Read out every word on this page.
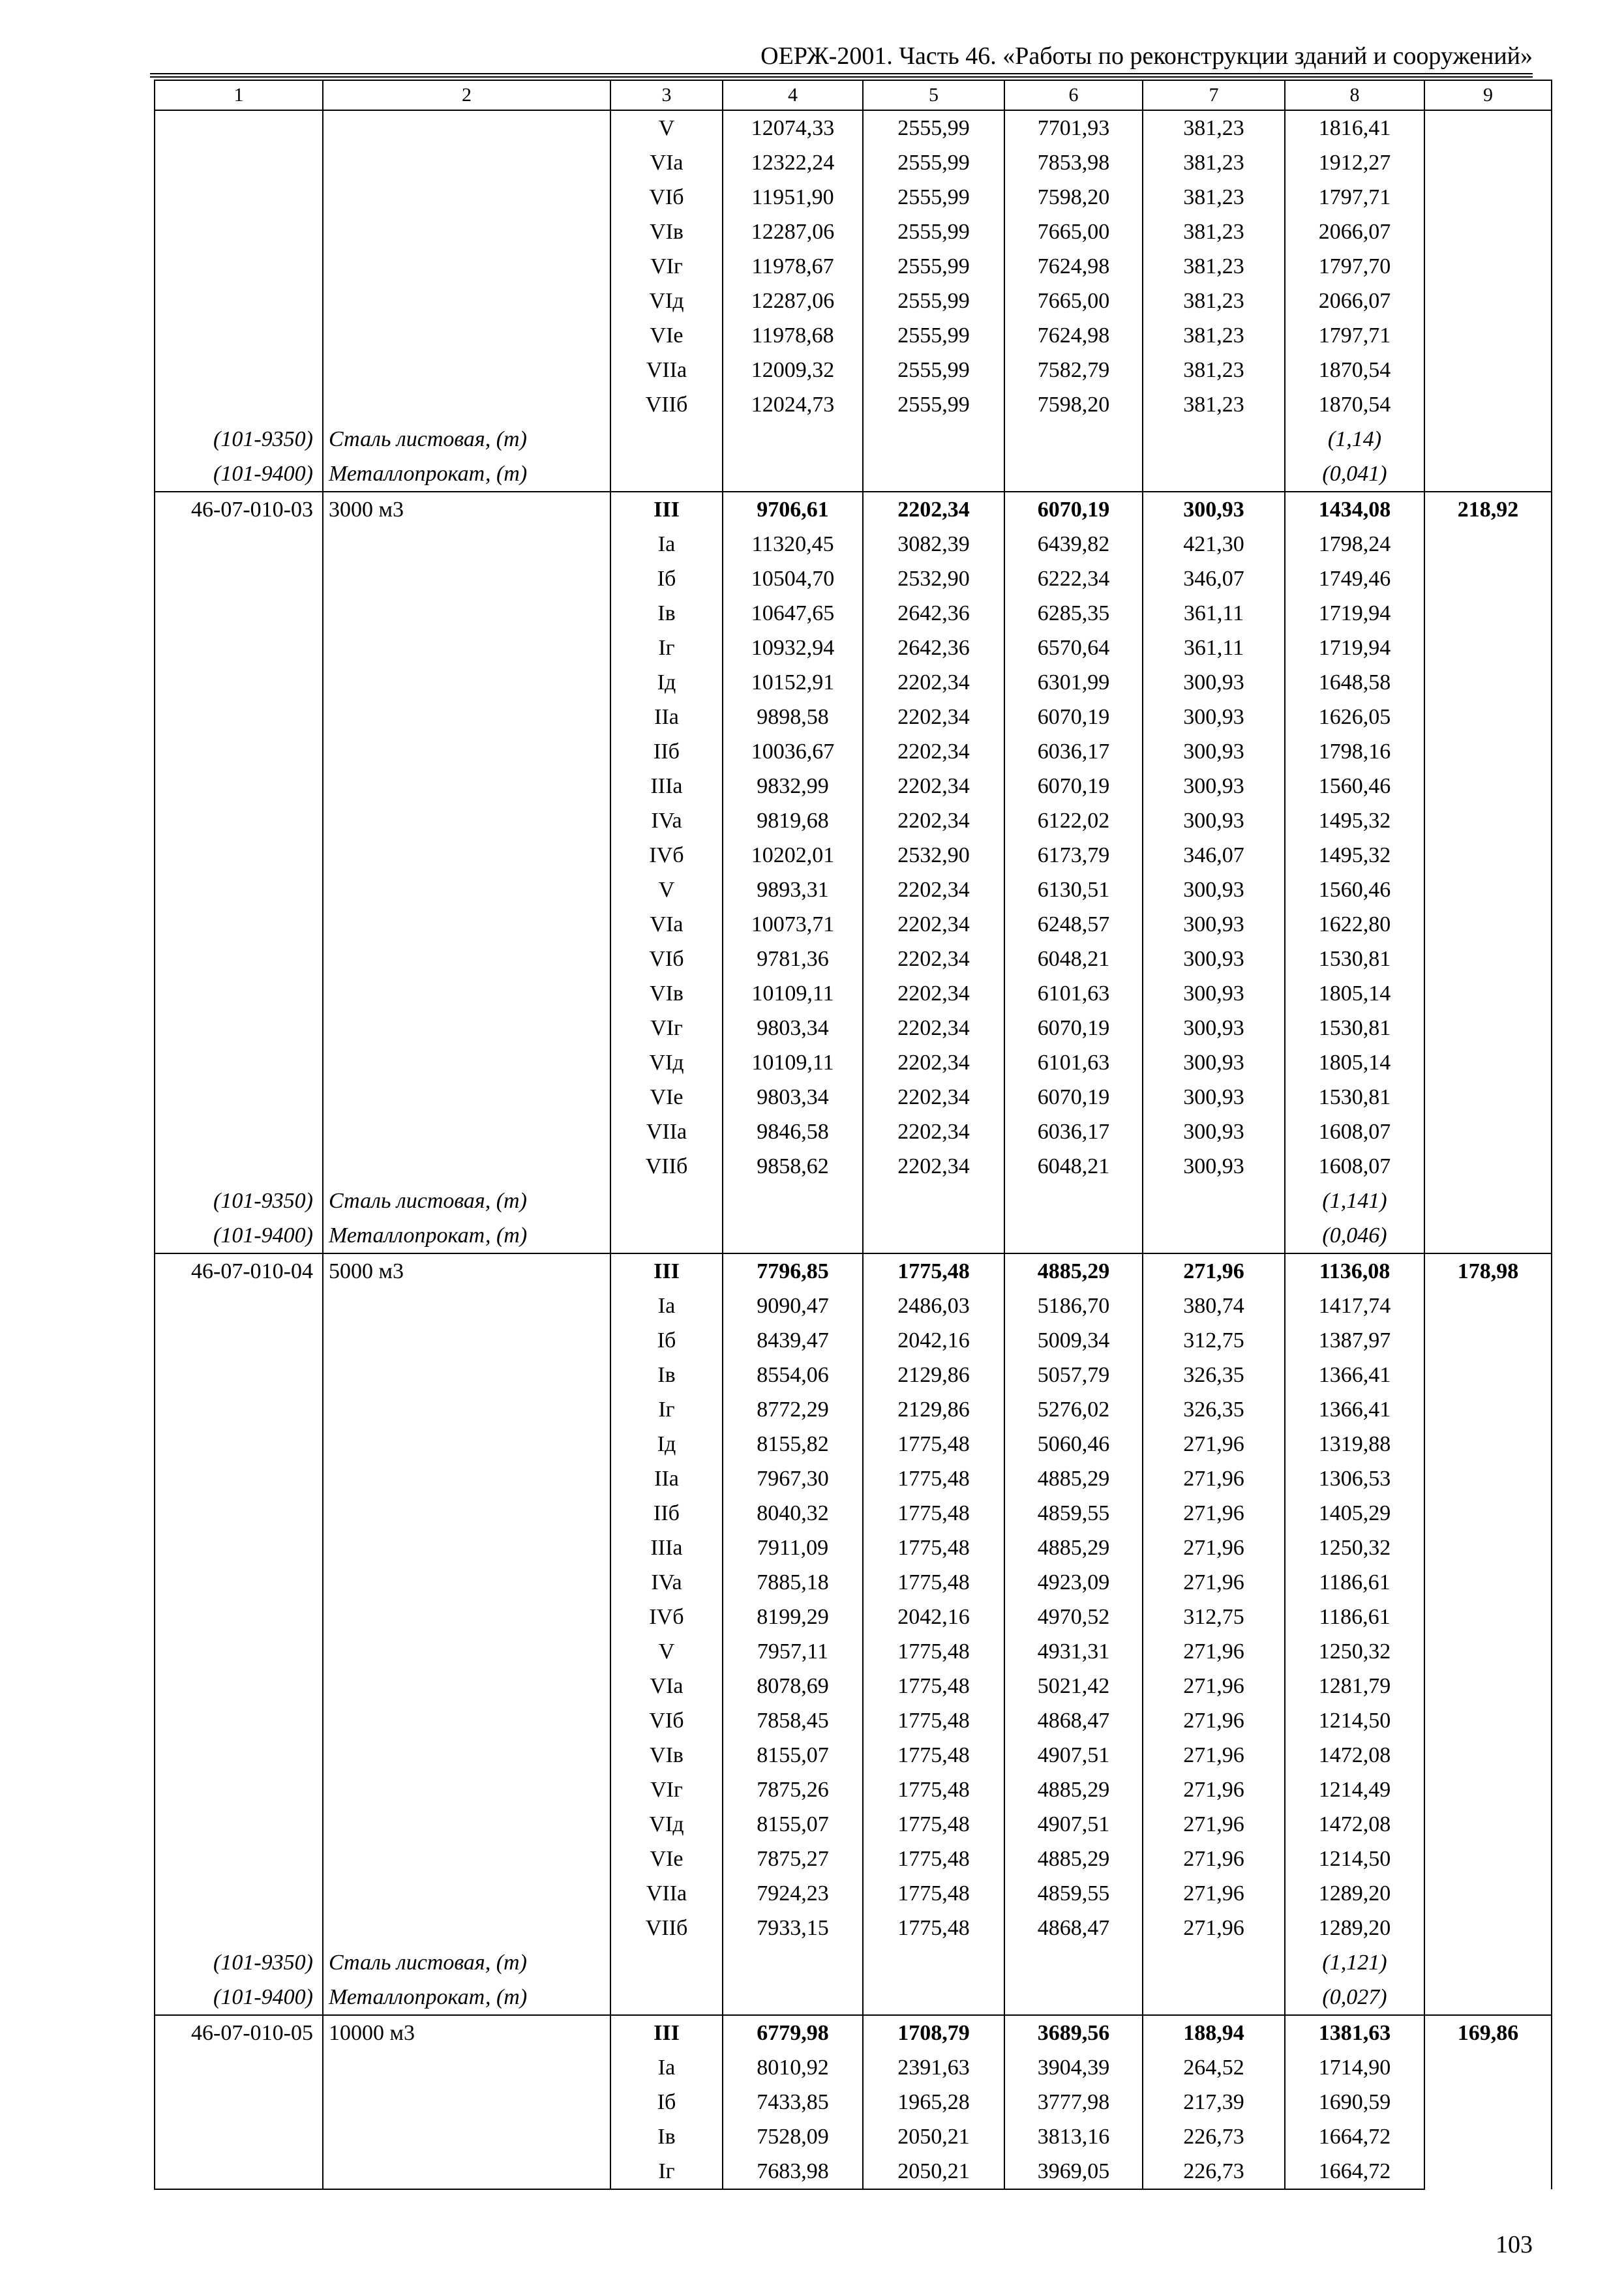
ОЕРЖ-2001. Часть 46. «Работы по реконструкции зданий и сооружений»
1	2	3	4	5	6	7	8	9
		V	12074,33	2555,99	7701,93	381,23	1816,41	
		VIa	12322,24	2555,99	7853,98	381,23	1912,27	
		VIб	11951,90	2555,99	7598,20	381,23	1797,71	
		VIв	12287,06	2555,99	7665,00	381,23	2066,07	
		VIг	11978,67	2555,99	7624,98	381,23	1797,70	
		VIд	12287,06	2555,99	7665,00	381,23	2066,07	
		VIe	11978,68	2555,99	7624,98	381,23	1797,71	
		VIIa	12009,32	2555,99	7582,79	381,23	1870,54	
		VIIб	12024,73	2555,99	7598,20	381,23	1870,54	
(101-9350)	Сталь листовая, (т)						(1,14)	
(101-9400)	Металлопрокат, (т)						(0,041)	
46-07-010-03	3000 м3	III	9706,61	2202,34	6070,19	300,93	1434,08	218,92
		Ia	11320,45	3082,39	6439,82	421,30	1798,24	
		Iб	10504,70	2532,90	6222,34	346,07	1749,46	
		Iв	10647,65	2642,36	6285,35	361,11	1719,94	
		Iг	10932,94	2642,36	6570,64	361,11	1719,94	
		Iд	10152,91	2202,34	6301,99	300,93	1648,58	
		IIa	9898,58	2202,34	6070,19	300,93	1626,05	
		IIб	10036,67	2202,34	6036,17	300,93	1798,16	
		IIIa	9832,99	2202,34	6070,19	300,93	1560,46	
		IVa	9819,68	2202,34	6122,02	300,93	1495,32	
		IVб	10202,01	2532,90	6173,79	346,07	1495,32	
		V	9893,31	2202,34	6130,51	300,93	1560,46	
		VIa	10073,71	2202,34	6248,57	300,93	1622,80	
		VIб	9781,36	2202,34	6048,21	300,93	1530,81	
		VIв	10109,11	2202,34	6101,63	300,93	1805,14	
		VIг	9803,34	2202,34	6070,19	300,93	1530,81	
		VIд	10109,11	2202,34	6101,63	300,93	1805,14	
		VIe	9803,34	2202,34	6070,19	300,93	1530,81	
		VIIa	9846,58	2202,34	6036,17	300,93	1608,07	
		VIIб	9858,62	2202,34	6048,21	300,93	1608,07	
(101-9350)	Сталь листовая, (т)						(1,141)	
(101-9400)	Металлопрокат, (т)						(0,046)	
46-07-010-04	5000 м3	III	7796,85	1775,48	4885,29	271,96	1136,08	178,98
		Ia	9090,47	2486,03	5186,70	380,74	1417,74	
		Iб	8439,47	2042,16	5009,34	312,75	1387,97	
		Iв	8554,06	2129,86	5057,79	326,35	1366,41	
		Iг	8772,29	2129,86	5276,02	326,35	1366,41	
		Iд	8155,82	1775,48	5060,46	271,96	1319,88	
		IIa	7967,30	1775,48	4885,29	271,96	1306,53	
		IIб	8040,32	1775,48	4859,55	271,96	1405,29	
		IIIa	7911,09	1775,48	4885,29	271,96	1250,32	
		IVa	7885,18	1775,48	4923,09	271,96	1186,61	
		IVб	8199,29	2042,16	4970,52	312,75	1186,61	
		V	7957,11	1775,48	4931,31	271,96	1250,32	
		VIa	8078,69	1775,48	5021,42	271,96	1281,79	
		VIб	7858,45	1775,48	4868,47	271,96	1214,50	
		VIв	8155,07	1775,48	4907,51	271,96	1472,08	
		VIг	7875,26	1775,48	4885,29	271,96	1214,49	
		VIд	8155,07	1775,48	4907,51	271,96	1472,08	
		VIe	7875,27	1775,48	4885,29	271,96	1214,50	
		VIIa	7924,23	1775,48	4859,55	271,96	1289,20	
		VIIб	7933,15	1775,48	4868,47	271,96	1289,20	
(101-9350)	Сталь листовая, (т)						(1,121)	
(101-9400)	Металлопрокат, (т)						(0,027)	
46-07-010-05	10000 м3	III	6779,98	1708,79	3689,56	188,94	1381,63	169,86
		Ia	8010,92	2391,63	3904,39	264,52	1714,90	
		Iб	7433,85	1965,28	3777,98	217,39	1690,59	
		Iв	7528,09	2050,21	3813,16	226,73	1664,72	
		Iг	7683,98	2050,21	3969,05	226,73	1664,72	
103
